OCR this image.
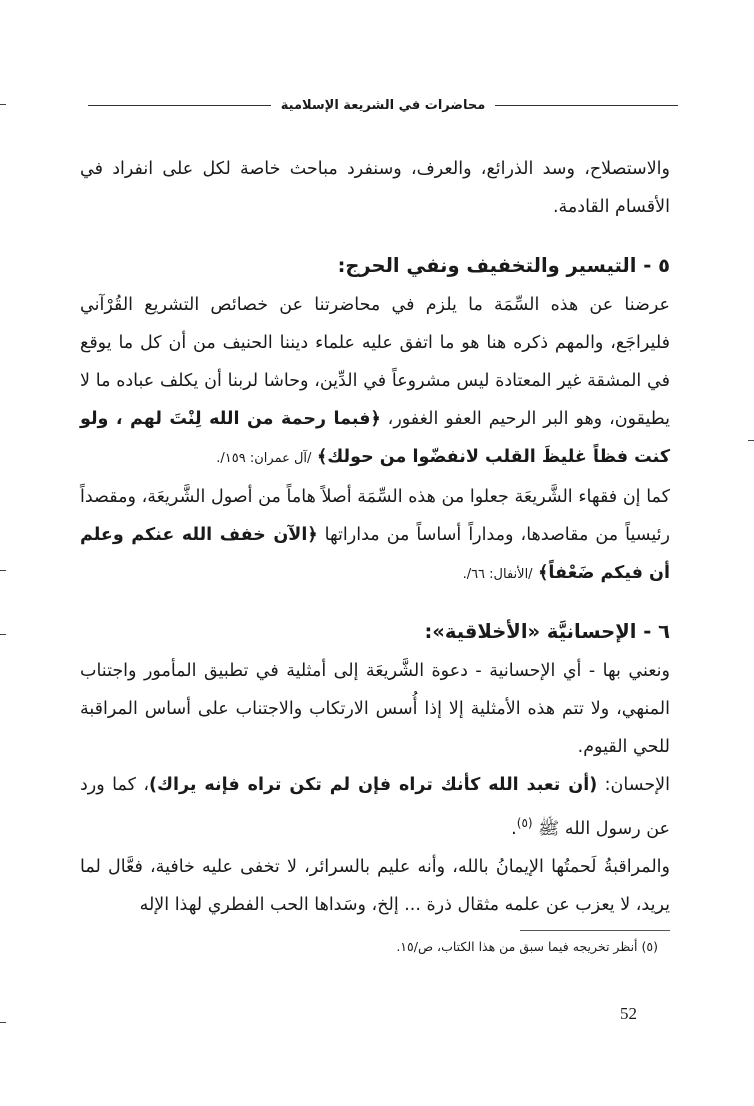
محاضرات في الشريعة الإسلامية

والاستصلاح، وسد الذرائع، والعرف، وسنفرد مباحث خاصة لكل على انفراد في الأقسام القادمة.

٥ - التيسير والتخفيف ونفي الحرج:

عرضنا عن هذه السِّمَة ما يلزم في محاضرتنا عن خصائص التشريع القُرْآني فليراجَع، والمهم ذكره هنا هو ما اتفق عليه علماء ديننا الحنيف من أن كل ما يوقع في المشقة غير المعتادة ليس مشروعاً في الدِّين، وحاشا لربنا أن يكلف عباده ما لا يطيقون، وهو البر الرحيم العفو الغفور، ﴿فبما رحمة من الله لِنْتَ لهم ، ولو كنت فظاً غليظَ القلب لانفضّوا من حولك﴾ /آل عمران: ١٥٩/.

كما إن فقهاء الشَّريعَة جعلوا من هذه السِّمَة أصلاً هاماً من أصول الشَّريعَة، ومقصداً رئيسياً من مقاصدها، ومداراً أساساً من مداراتها ﴿الآن خفف الله عنكم وعلم أن فيكم ضَعْفاً﴾ /الأنفال: ٦٦/.

٦ - الإحسانيَّة «الأخلاقية»:

ونعني بها - أي الإحسانية - دعوة الشَّريعَة إلى أمثلية في تطبيق المأمور واجتناب المنهي، ولا تتم هذه الأمثلية إلا إذا أُسس الارتكاب والاجتناب على أساس المراقبة للحي القيوم.

الإحسان: (أن تعبد الله كأنك تراه فإن لم تكن تراه فإنه يراك)، كما ورد عن رسول الله ﷺ $^{(٥)}$.

والمراقبةُ لَحمتُها الإيمانُ بالله، وأنه عليم بالسرائر، لا تخفى عليه خافية، فعَّال لما يريد، لا يعزب عن علمه مثقال ذرة ... إلخ، وسَداها الحب الفطري لهذا الإله

(٥) أنظر تخريجه فيما سبق من هذا الكتاب، ص/١٥.

52
